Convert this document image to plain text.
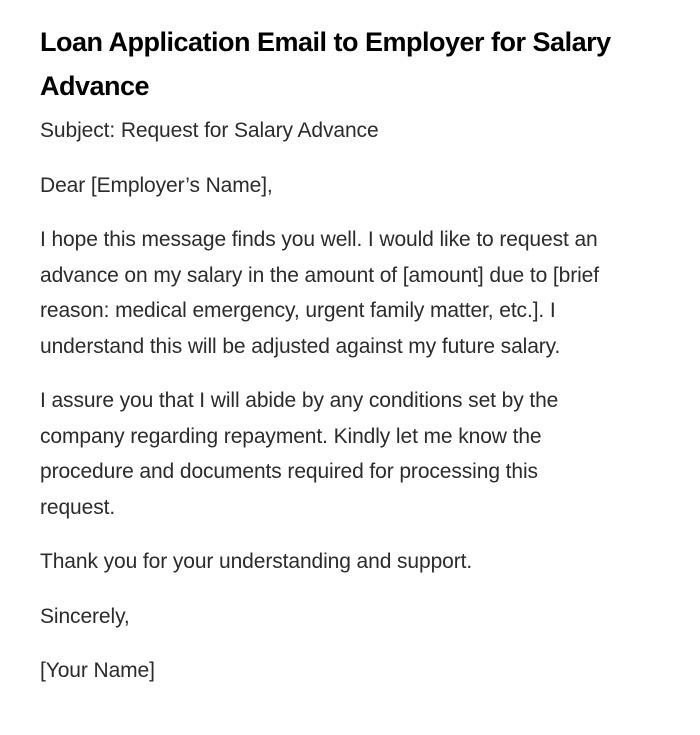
Loan Application Email to Employer for Salary
Advance

Subject: Request for Salary Advance

Dear [Employer’s Name],

I hope this message finds you well. I would like to request an
advance on my salary in the amount of [amount] due to [brief
reason: medical emergency, urgent family matter, etc.]. I
understand this will be adjusted against my future salary.

I assure you that I will abide by any conditions set by the
company regarding repayment. Kindly let me know the
procedure and documents required for processing this
request.

Thank you for your understanding and support.

Sincerely,

[Your Name]
